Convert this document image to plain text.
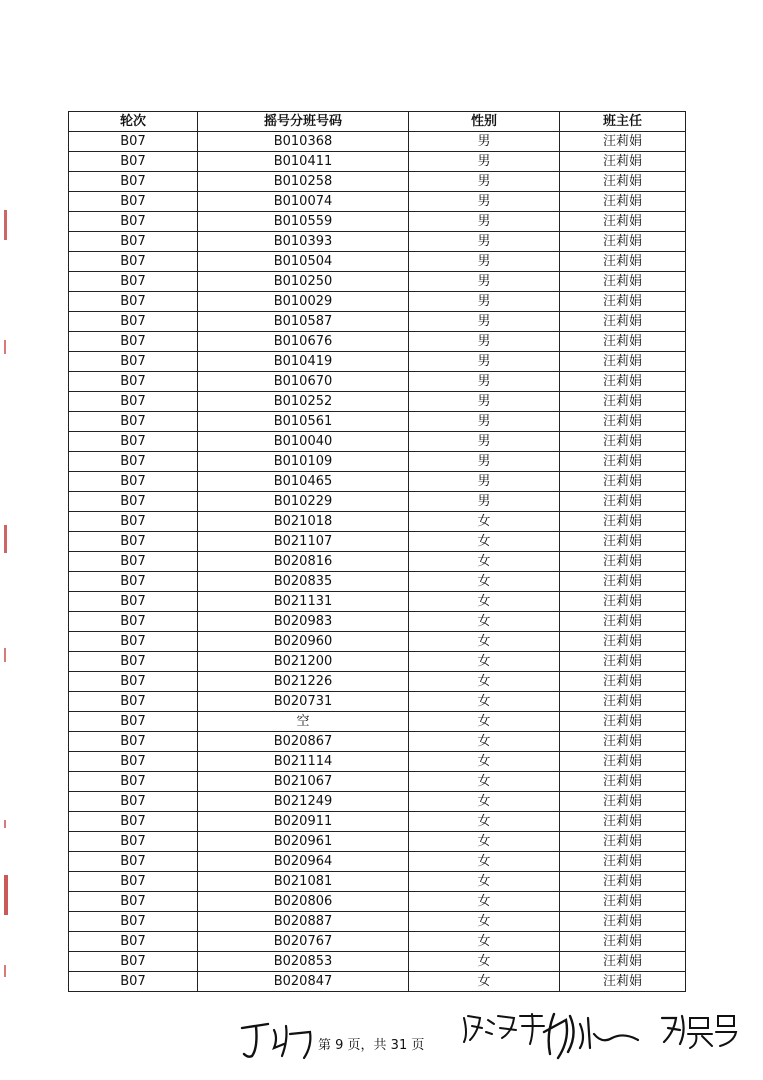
轮次	摇号分班号码	性别	班主任
B07	B010368	男	汪莉娟
B07	B010411	男	汪莉娟
B07	B010258	男	汪莉娟
B07	B010074	男	汪莉娟
B07	B010559	男	汪莉娟
B07	B010393	男	汪莉娟
B07	B010504	男	汪莉娟
B07	B010250	男	汪莉娟
B07	B010029	男	汪莉娟
B07	B010587	男	汪莉娟
B07	B010676	男	汪莉娟
B07	B010419	男	汪莉娟
B07	B010670	男	汪莉娟
B07	B010252	男	汪莉娟
B07	B010561	男	汪莉娟
B07	B010040	男	汪莉娟
B07	B010109	男	汪莉娟
B07	B010465	男	汪莉娟
B07	B010229	男	汪莉娟
B07	B021018	女	汪莉娟
B07	B021107	女	汪莉娟
B07	B020816	女	汪莉娟
B07	B020835	女	汪莉娟
B07	B021131	女	汪莉娟
B07	B020983	女	汪莉娟
B07	B020960	女	汪莉娟
B07	B021200	女	汪莉娟
B07	B021226	女	汪莉娟
B07	B020731	女	汪莉娟
B07	空	女	汪莉娟
B07	B020867	女	汪莉娟
B07	B021114	女	汪莉娟
B07	B021067	女	汪莉娟
B07	B021249	女	汪莉娟
B07	B020911	女	汪莉娟
B07	B020961	女	汪莉娟
B07	B020964	女	汪莉娟
B07	B021081	女	汪莉娟
B07	B020806	女	汪莉娟
B07	B020887	女	汪莉娟
B07	B020767	女	汪莉娟
B07	B020853	女	汪莉娟
B07	B020847	女	汪莉娟
第 9 页，共 31 页
